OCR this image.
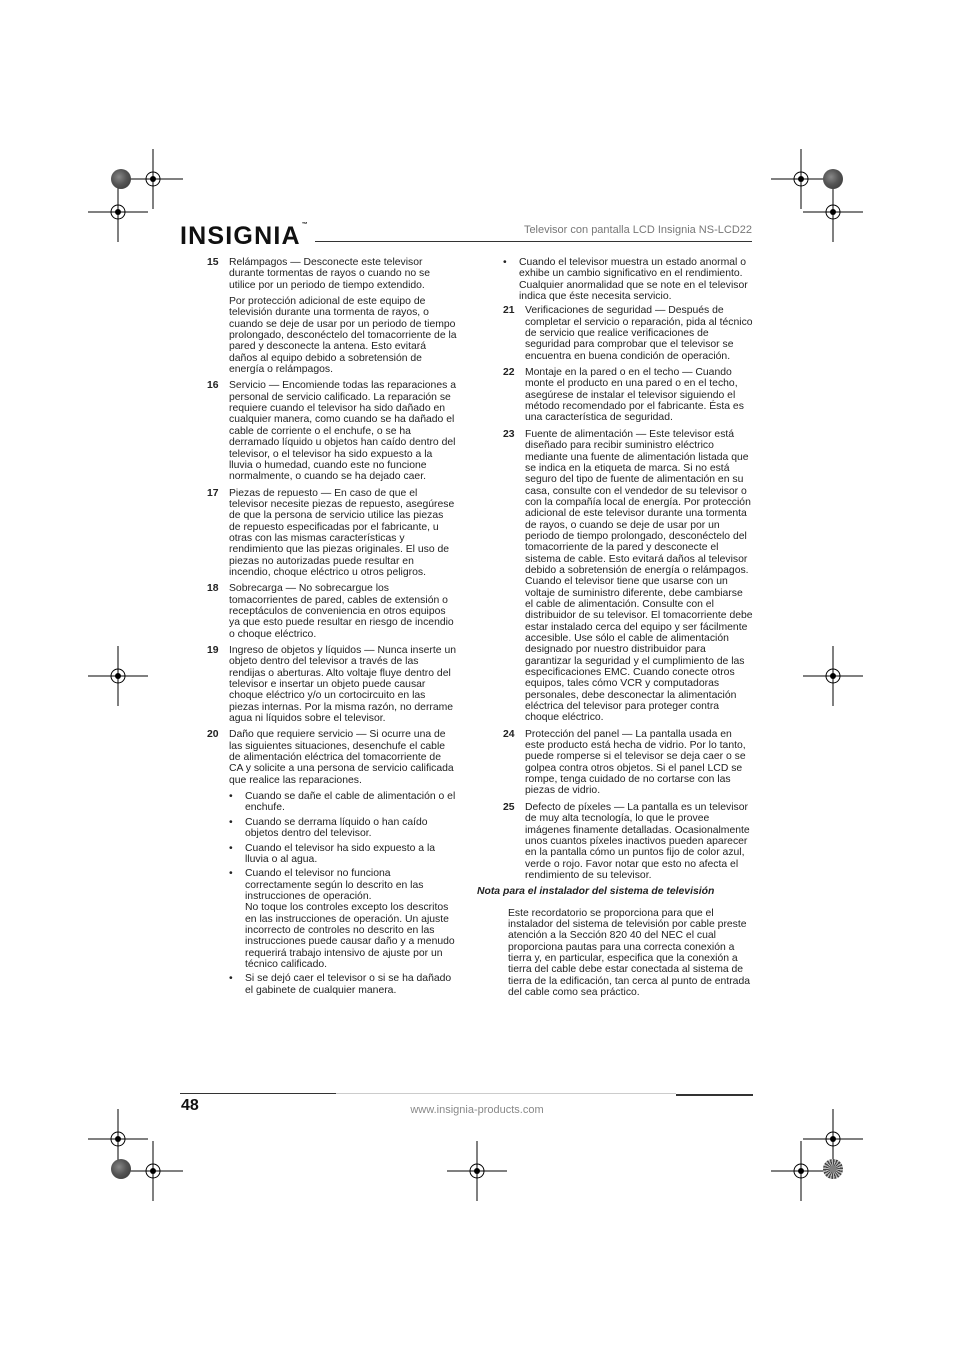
INSIGNIA™	Televisor con pantalla LCD Insignia NS-LCD22
15	Relámpagos — Desconecte este televisor durante tormentas de rayos o cuando no se utilice por un periodo de tiempo extendido.

Por protección adicional de este equipo de televisión durante una tormenta de rayos, o cuando se deje de usar por un periodo de tiempo prolongado, desconéctelo del tomacorriente de la pared y desconecte la antena. Esto evitará daños al equipo debido a sobretensión de energía o relámpagos.

16	Servicio — Encomiende todas las reparaciones a personal de servicio calificado. La reparación se requiere cuando el televisor ha sido dañado en cualquier manera, como cuando se ha dañado el cable de corriente o el enchufe, o se ha derramado líquido u objetos han caído dentro del televisor, o el televisor ha sido expuesto a la lluvia o humedad, cuando este no funcione normalmente, o cuando se ha dejado caer.

17	Piezas de repuesto — En caso de que el televisor necesite piezas de repuesto, asegúrese de que la persona de servicio utilice las piezas de repuesto especificadas por el fabricante, u otras con las mismas características y rendimiento que las piezas originales. El uso de piezas no autorizadas puede resultar en incendio, choque eléctrico u otros peligros.

18	Sobrecarga — No sobrecargue los tomacorrientes de pared, cables de extensión o receptáculos de conveniencia en otros equipos ya que esto puede resultar en riesgo de incendio o choque eléctrico.

19	Ingreso de objetos y líquidos — Nunca inserte un objeto dentro del televisor a través de las rendijas o aberturas. Alto voltaje fluye dentro del televisor e insertar un objeto puede causar choque eléctrico y/o un cortocircuito en las piezas internas. Por la misma razón, no derrame agua ni líquidos sobre el televisor.

20	Daño que requiere servicio — Si ocurre una de las siguientes situaciones, desenchufe el cable de alimentación eléctrica del tomacorriente de CA y solicite a una persona de servicio calificada que realice las reparaciones.

• Cuando se dañe el cable de alimentación o el enchufe.
• Cuando se derrama líquido o han caído objetos dentro del televisor.
• Cuando el televisor ha sido expuesto a la lluvia o al agua.
• Cuando el televisor no funciona correctamente según lo descrito en las instrucciones de operación.
No toque los controles excepto los descritos en las instrucciones de operación. Un ajuste incorrecto de controles no descrito en las instrucciones puede causar daño y a menudo requerirá trabajo intensivo de ajuste por un técnico calificado.
• Si se dejó caer el televisor o si se ha dañado el gabinete de cualquier manera.
• Cuando el televisor muestra un estado anormal o exhibe un cambio significativo en el rendimiento. Cualquier anormalidad que se note en el televisor indica que éste necesita servicio.
21	Verificaciones de seguridad — Después de completar el servicio o reparación, pida al técnico de servicio que realice verificaciones de seguridad para comprobar que el televisor se encuentra en buena condición de operación.
22	Montaje en la pared o en el techo — Cuando monte el producto en una pared o en el techo, asegúrese de instalar el televisor siguiendo el método recomendado por el fabricante. Ésta es una característica de seguridad.
23	Fuente de alimentación — Este televisor está diseñado para recibir suministro eléctrico mediante una fuente de alimentación listada que se indica en la etiqueta de marca. Si no está seguro del tipo de fuente de alimentación en su casa, consulte con el vendedor de su televisor o con la compañía local de energía. Por protección adicional de este televisor durante una tormenta de rayos, o cuando se deje de usar por un periodo de tiempo prolongado, desconéctelo del tomacorriente de la pared y desconecte el sistema de cable. Esto evitará daños al televisor debido a sobretensión de energía o relámpagos. Cuando el televisor tiene que usarse con un voltaje de suministro diferente, debe cambiarse el cable de alimentación. Consulte con el distribuidor de su televisor. El tomacorriente debe estar instalado cerca del equipo y ser fácilmente accesible. Use sólo el cable de alimentación designado por nuestro distribuidor para garantizar la seguridad y el cumplimiento de las especificaciones EMC. Cuando conecte otros equipos, tales cómo VCR y computadoras personales, debe desconectar la alimentación eléctrica del televisor para proteger contra choque eléctrico.
24	Protección del panel — La pantalla usada en este producto está hecha de vidrio. Por lo tanto, puede romperse si el televisor se deja caer o se golpea contra otros objetos. Si el panel LCD se rompe, tenga cuidado de no cortarse con las piezas de vidrio.
25	Defecto de píxeles — La pantalla es un televisor de muy alta tecnología, lo que le provee imágenes finamente detalladas. Ocasionalmente unos cuantos píxeles inactivos pueden aparecer en la pantalla cómo un puntos fijo de color azul, verde o rojo. Favor notar que esto no afecta el rendimiento de su televisor.
Nota para el instalador del sistema de televisión
Este recordatorio se proporciona para que el instalador del sistema de televisión por cable preste atención a la Sección 820 40 del NEC el cual proporciona pautas para una correcta conexión a tierra y, en particular, especifica que la conexión a tierra del cable debe estar conectada al sistema de tierra de la edificación, tan cerca al punto de entrada del cable como sea práctico.
48	www.insignia-products.com
